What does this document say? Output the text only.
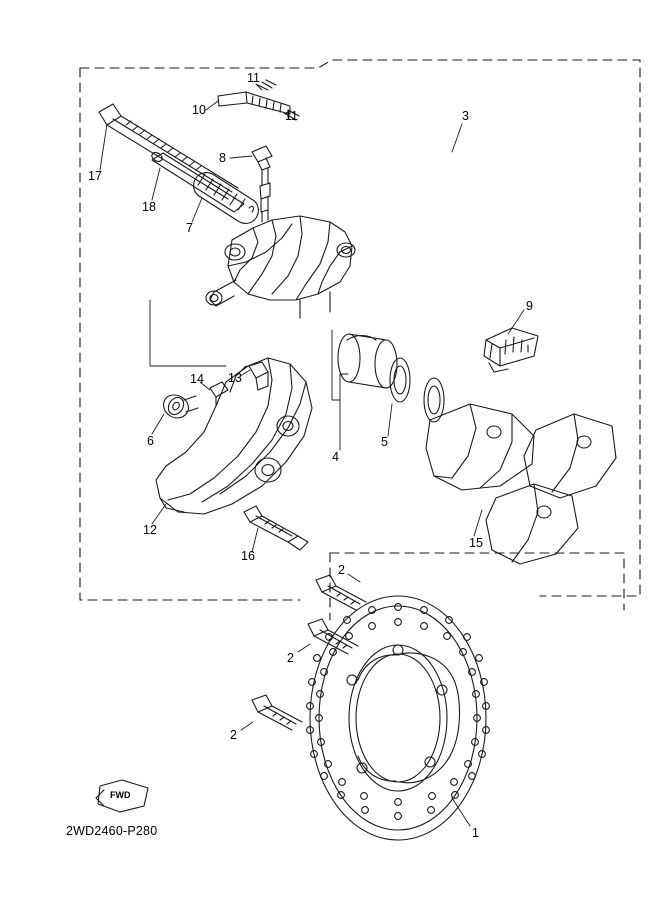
17
18
7
10
11
11
8
3
9
13
14
6
12
16
4
5
15
2
2
2
1
FWD
2WD2460-P280
